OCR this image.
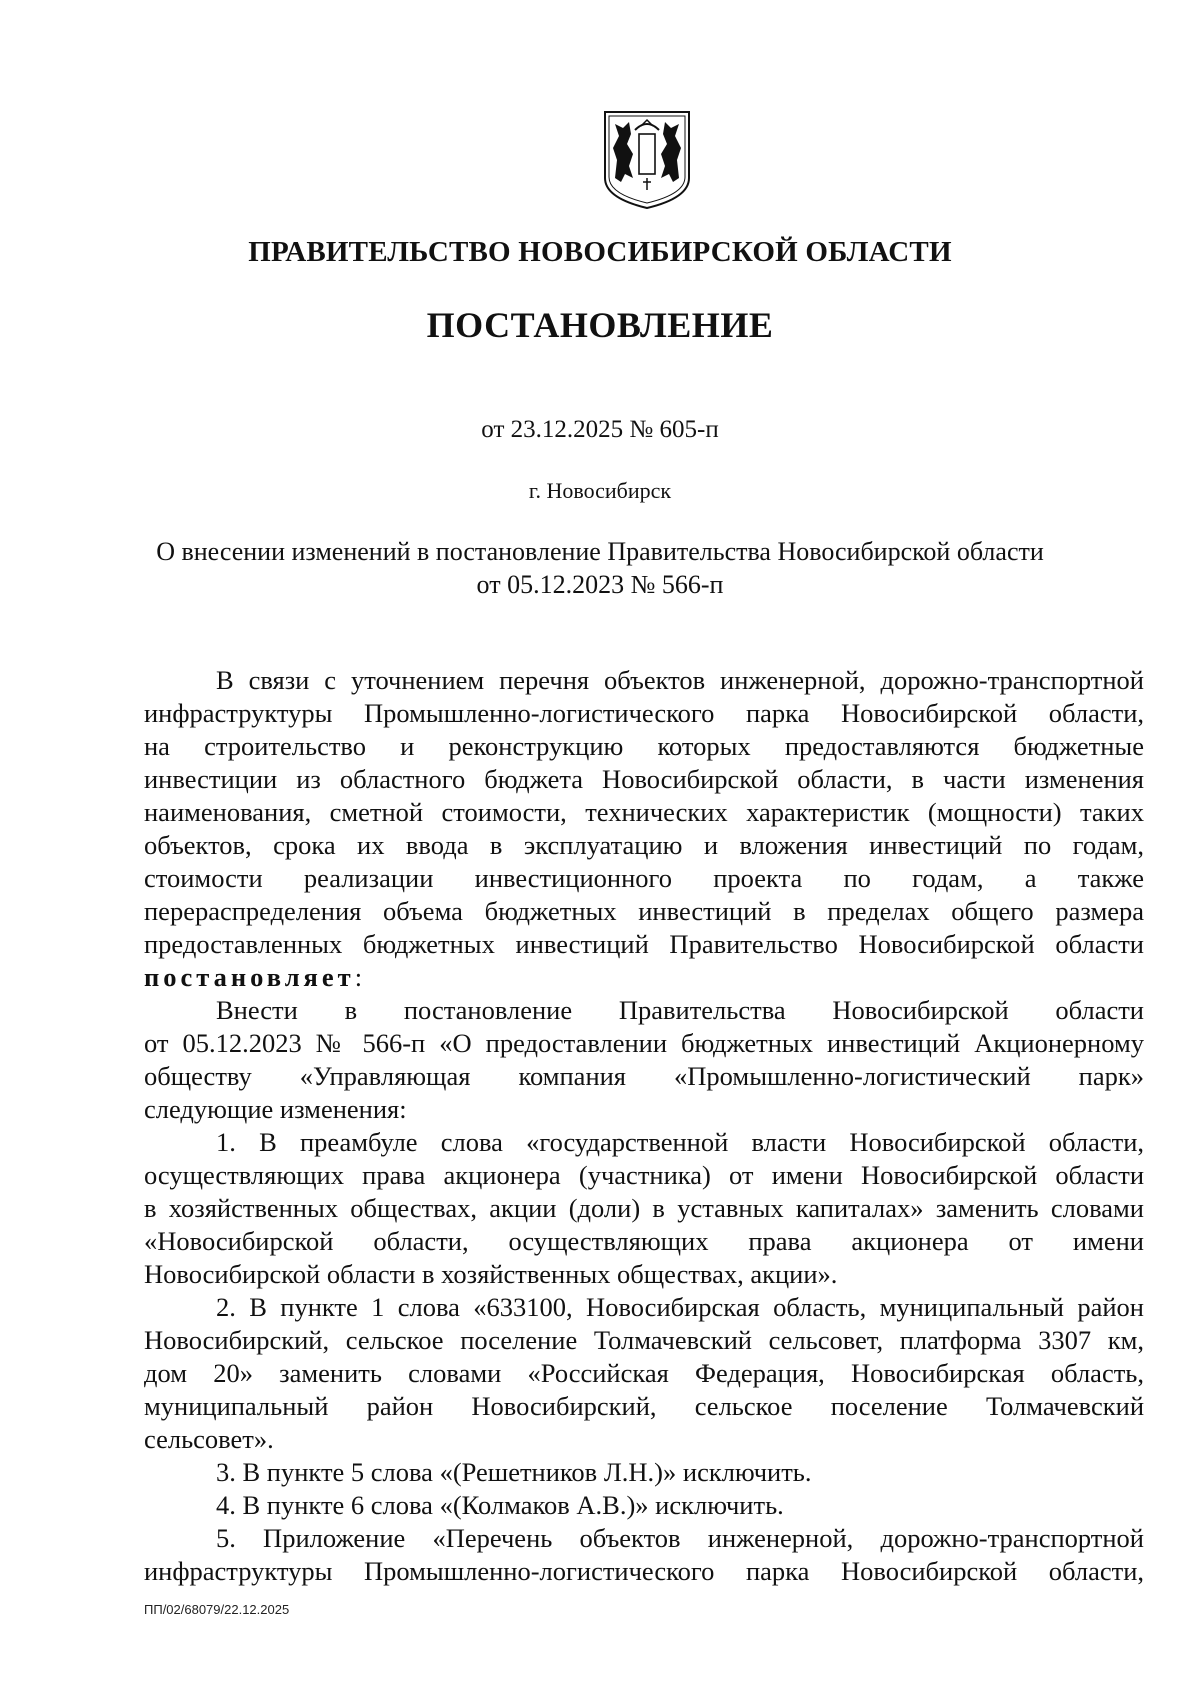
ПРАВИТЕЛЬСТВО НОВОСИБИРСКОЙ ОБЛАСТИ
ПОСТАНОВЛЕНИЕ
от 23.12.2025 № 605-п
г. Новосибирск
О внесении изменений в постановление Правительства Новосибирской области
от 05.12.2023 № 566-п
В связи с уточнением перечня объектов инженерной, дорожно-транспортной
инфраструктуры Промышленно-логистического парка Новосибирской области,
на строительство и реконструкцию которых предоставляются бюджетные
инвестиции из областного бюджета Новосибирской области, в части изменения
наименования, сметной стоимости, технических характеристик (мощности) таких
объектов, срока их ввода в эксплуатацию и вложения инвестиций по годам,
стоимости реализации инвестиционного проекта по годам, а также
перераспределения объема бюджетных инвестиций в пределах общего размера
предоставленных бюджетных инвестиций Правительство Новосибирской области
постановляет:
Внести в постановление Правительства Новосибирской области
от 05.12.2023 № 566-п «О предоставлении бюджетных инвестиций Акционерному
обществу «Управляющая компания «Промышленно-логистический парк»
следующие изменения:
1. В преамбуле слова «государственной власти Новосибирской области,
осуществляющих права акционера (участника) от имени Новосибирской области
в хозяйственных обществах, акции (доли) в уставных капиталах» заменить словами
«Новосибирской области, осуществляющих права акционера от имени
Новосибирской области в хозяйственных обществах, акции».
2. В пункте 1 слова «633100, Новосибирская область, муниципальный район
Новосибирский, сельское поселение Толмачевский сельсовет, платформа 3307 км,
дом 20» заменить словами «Российская Федерация, Новосибирская область,
муниципальный район Новосибирский, сельское поселение Толмачевский
сельсовет».
3. В пункте 5 слова «(Решетников Л.Н.)» исключить.
4. В пункте 6 слова «(Колмаков А.В.)» исключить.
5. Приложение «Перечень объектов инженерной, дорожно-транспортной
инфраструктуры Промышленно-логистического парка Новосибирской области,
ПП/02/68079/22.12.2025
